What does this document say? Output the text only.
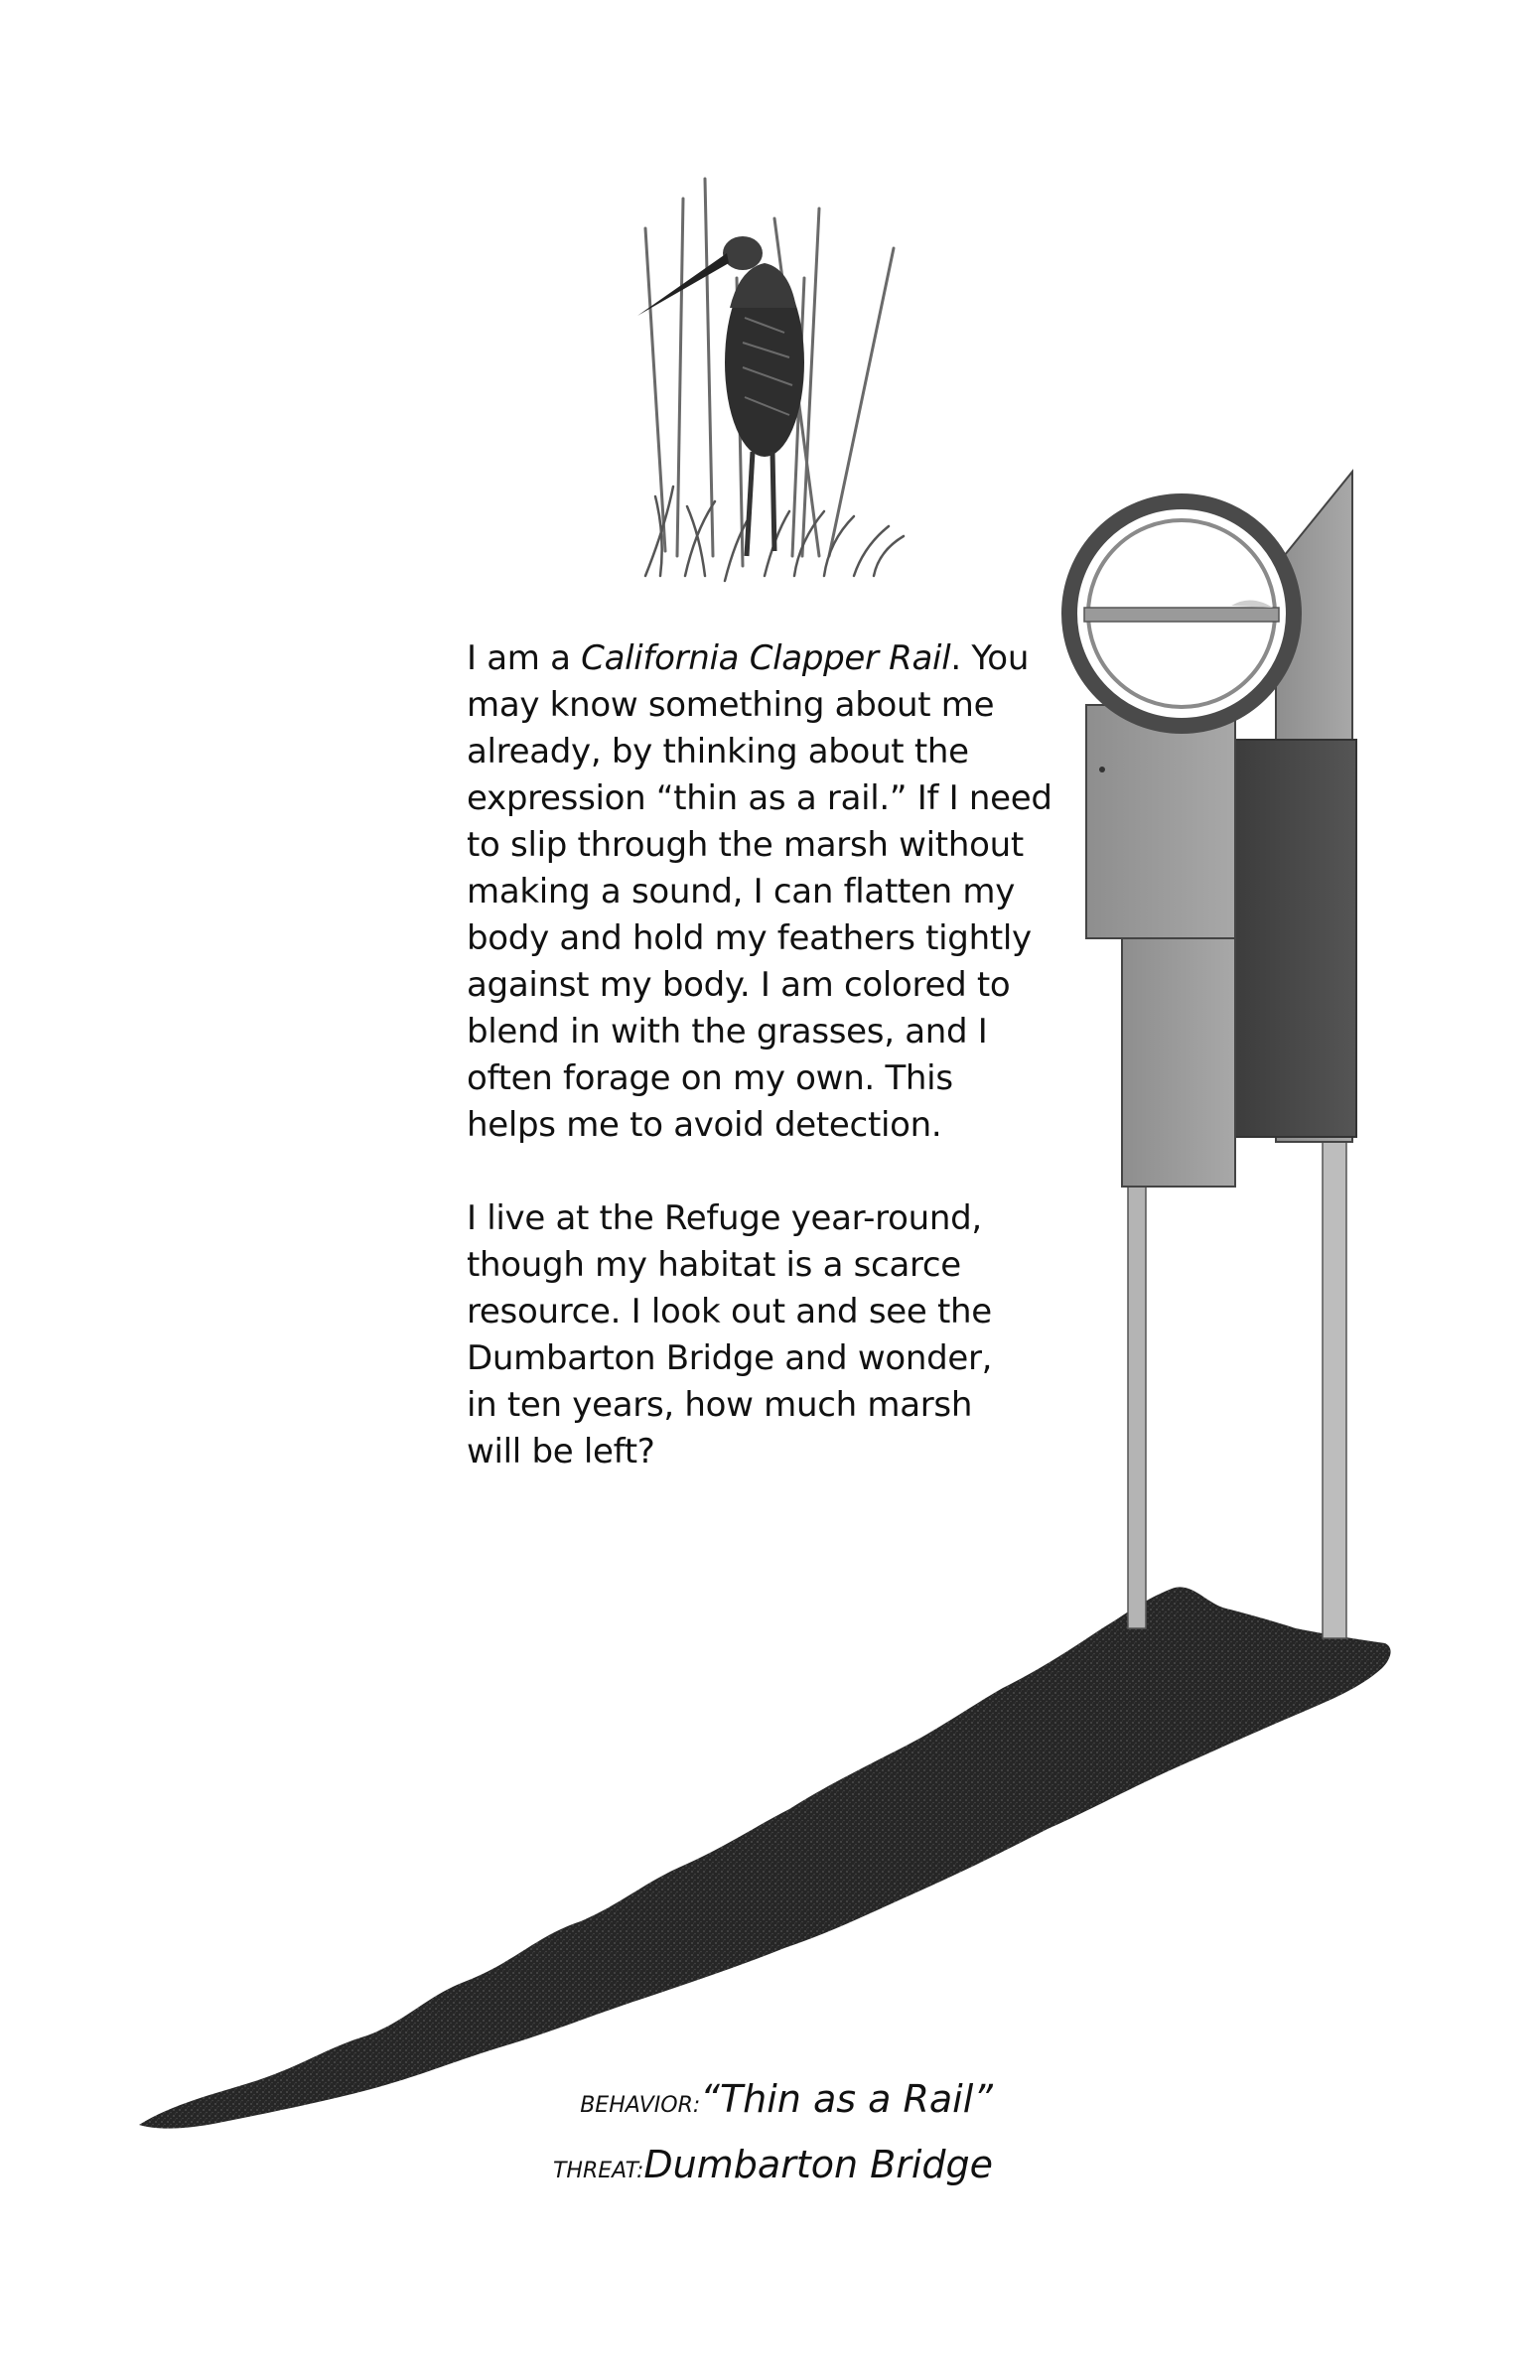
I am a California Clapper Rail. You
may know something about me
already, by thinking about the
expression “thin as a rail.” If I need
to slip through the marsh without
making a sound, I can flatten my
body and hold my feathers tightly
against my body. I am colored to
blend in with the grasses, and I
often forage on my own. This
helps me to avoid detection.

I live at the Refuge year-round,
though my habitat is a scarce
resource. I look out and see the
Dumbarton Bridge and wonder,
in ten years, how much marsh
will be left?

BEHAVIOR:“Thin as a Rail”
THREAT:Dumbarton Bridge
